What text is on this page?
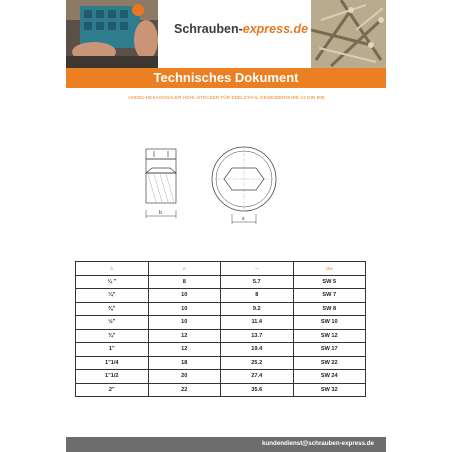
Schrauben-express.de
Technisches Dokument
VS9001-HEXAGONALER HOHL-STECKER FÜR EDELSTAHL-GEWINDEROHRE A2 DIN 906
b
s
b	e	—	ctw
¼ "	8	5.7	SW 5
¼"	10	8	SW 7
⅜"	10	9.2	SW 8
½"	10	11.4	SW 10
¾"	12	13.7	SW 12
1"	12	19.4	SW 17
1"1/4	18	25.2	SW 22
1"1/2	20	27.4	SW 24
2"	22	35.6	SW 32
kundendienst@schrauben-express.de
